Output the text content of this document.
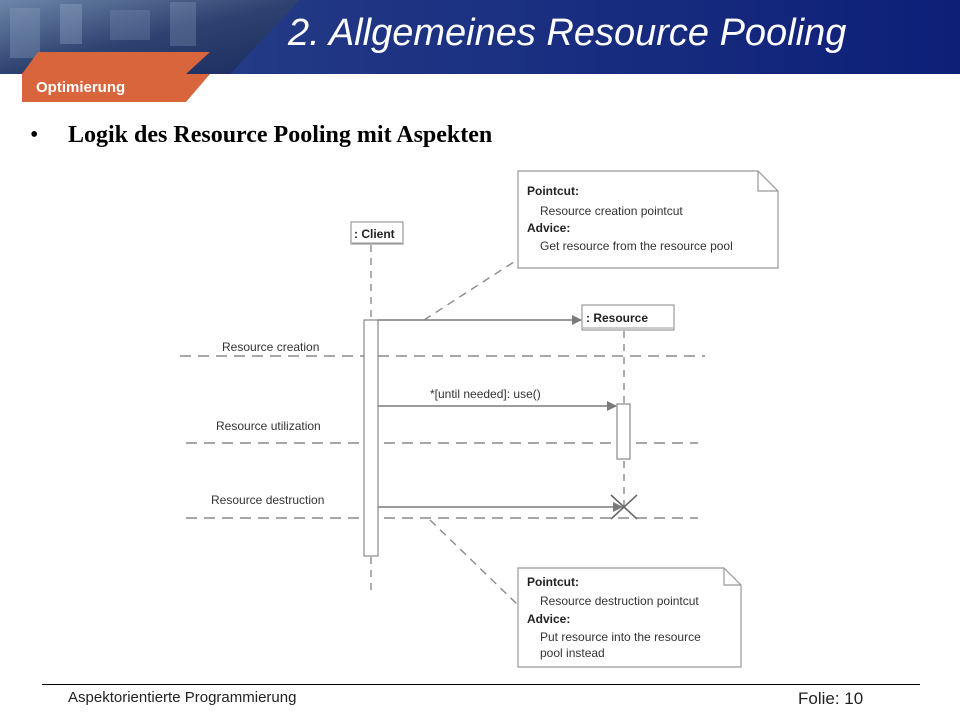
2. Allgemeines Resource Pooling
Optimierung
• Logik des Resource Pooling mit Aspekten
: Client
: Resource
*[until needed]: use()
Resource creation
Resource utilization
Resource destruction
Pointcut:
Resource creation pointcut
Advice:
Get resource from the resource pool
Pointcut:
Resource destruction pointcut
Advice:
Put resource into the resource
pool instead
Aspektorientierte Programmierung	Folie: 10
